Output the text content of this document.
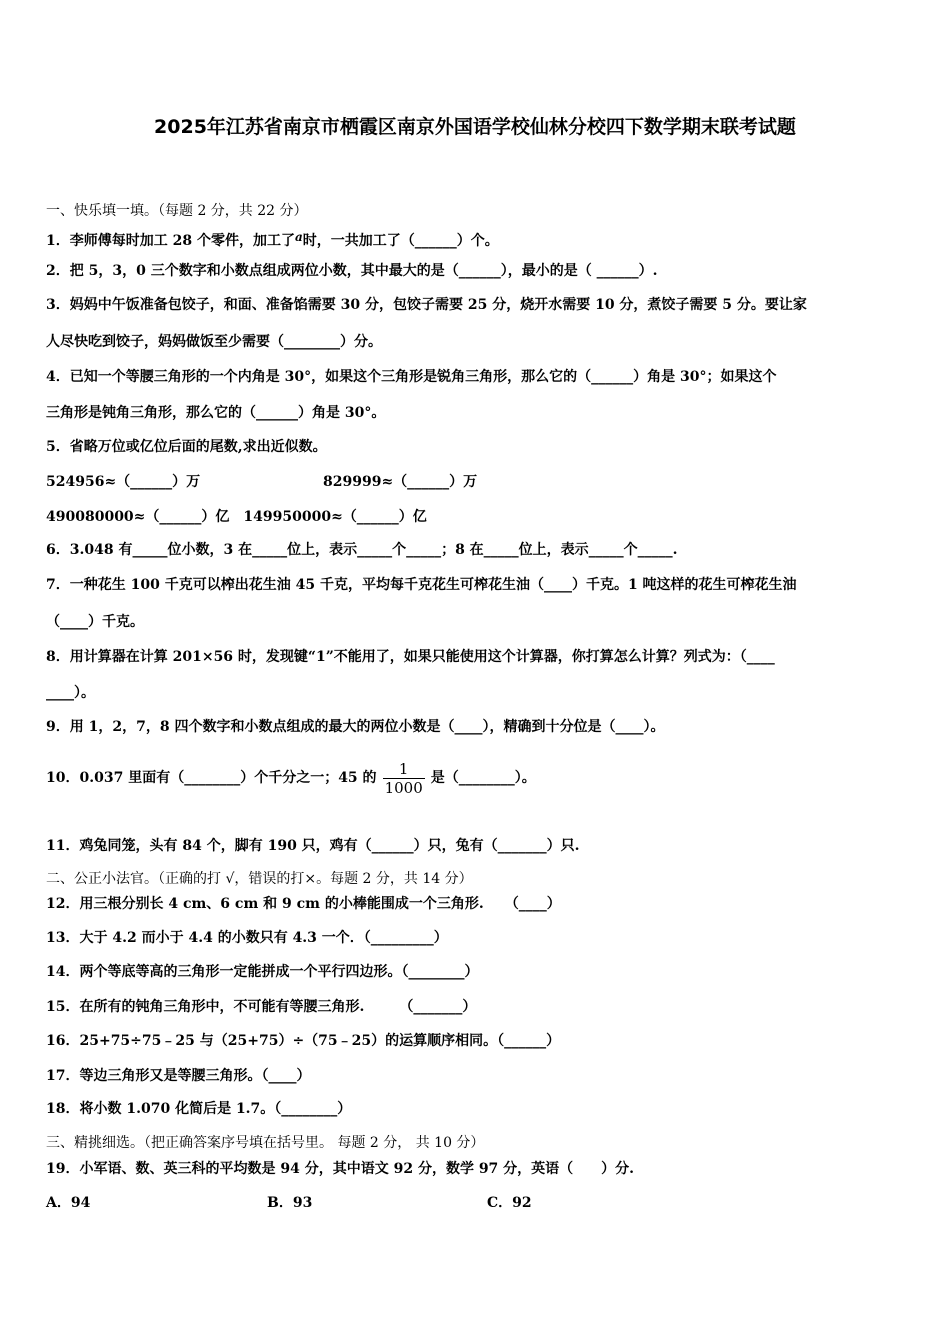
2025年江苏省南京市栖霞区南京外国语学校仙林分校四下数学期末联考试题
一、快乐填一填。（每题 2 分，共 22 分）
1．李师傅每时加工 28 个零件，加工了a时，一共加工了（______）个。
2．把 5，3，0 三个数字和小数点组成两位小数，其中最大的是（______），最小的是（ ______）.
3．妈妈中午饭准备包饺子，和面、准备馅需要 30 分，包饺子需要 25 分，烧开水需要 10 分，煮饺子需要 5 分。要让家
人尽快吃到饺子，妈妈做饭至少需要（________）分。
4．已知一个等腰三角形的一个内角是 30°，如果这个三角形是锐角三角形，那么它的（______）角是 30°；如果这个
三角形是钝角三角形，那么它的（______）角是 30°。
5．省略万位或亿位后面的尾数,求出近似数。
524956≈（______）万	829999≈（______）万
490080000≈（______）亿　149950000≈（______）亿
6．3.048 有_____位小数，3 在_____位上，表示_____个_____；8 在_____位上，表示_____个_____.
7．一种花生 100 千克可以榨出花生油 45 千克，平均每千克花生可榨花生油（____）千克。1 吨这样的花生可榨花生油
（____）千克。
8．用计算器在计算 201×56 时，发现键“1”不能用了，如果只能使用这个计算器，你打算怎么计算？列式为：（____
____）。
9．用 1，2，7，8 四个数字和小数点组成的最大的两位小数是（____），精确到十分位是（____）。
10．0.037 里面有（________）个千分之一；45 的 $\frac{1}{1000}$ 是（________）。
11．鸡兔同笼，头有 84 个，脚有 190 只，鸡有（______）只，兔有（_______）只.
二、公正小法官。（正确的打 √，错误的打×。每题 2 分，共 14 分）
12．用三根分别长 4 cm、6 cm 和 9 cm 的小棒能围成一个三角形.　　（____）
13．大于 4.2 而小于 4.4 的小数只有 4.3 一个．（_________）
14．两个等底等高的三角形一定能拼成一个平行四边形。（________）
15．在所有的钝角三角形中，不可能有等腰三角形.　　　（_______）
16．25+75÷75﹣25 与（25+75）÷（75﹣25）的运算顺序相同。（______）
17．等边三角形又是等腰三角形。（____）
18．将小数 1.070 化简后是 1.7。（________）
三、精挑细选。（把正确答案序号填在括号里。 每题 2 分， 共 10 分）
19．小军语、数、英三科的平均数是 94 分，其中语文 92 分，数学 97 分，英语（　　）分.
A．94	B．93	C．92
